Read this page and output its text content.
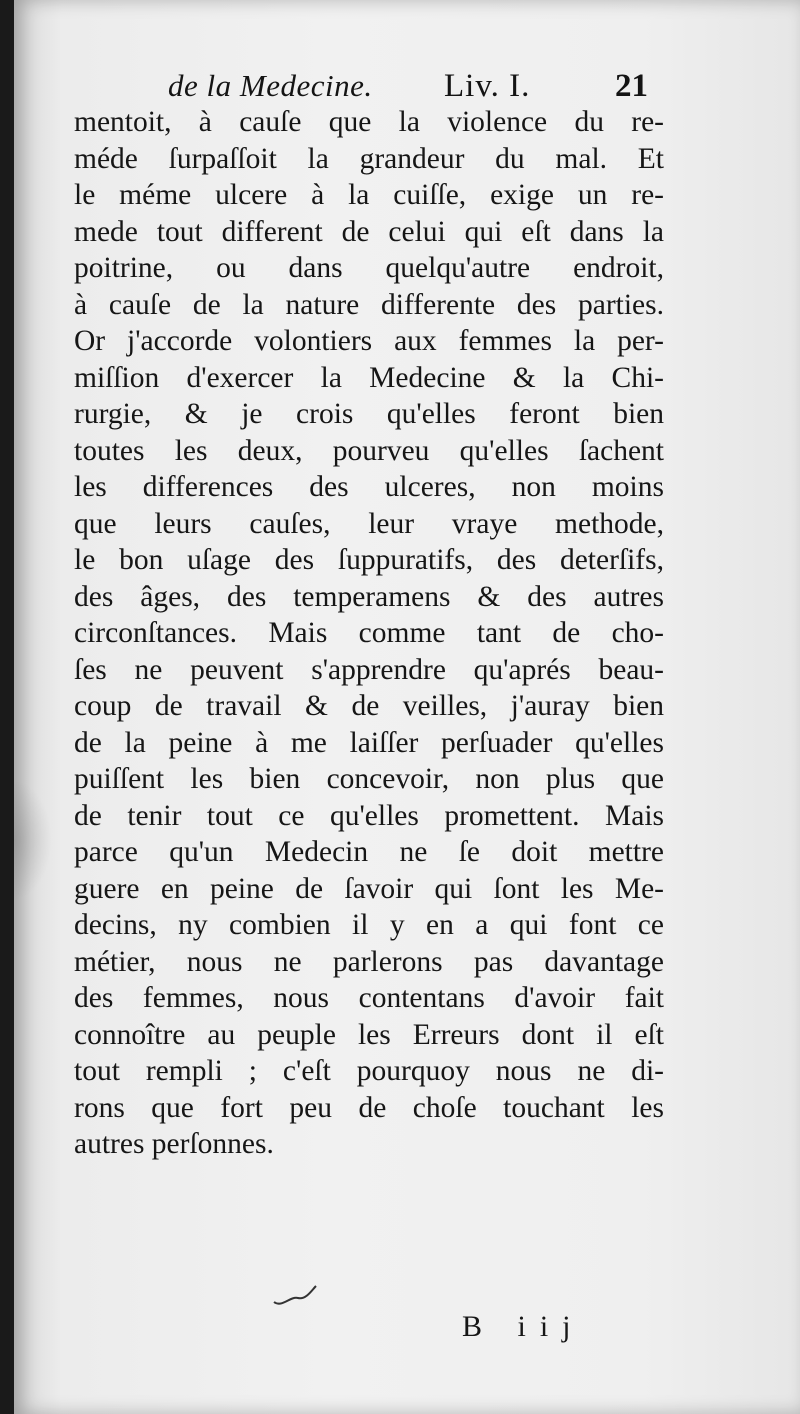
de la Medecine. Liv. I.	21
mentoit, à cauſe que la violence du re-
méde ſurpaſſoit la grandeur du mal. Et
le méme ulcere à la cuiſſe, exige un re-
mede tout different de celui qui eſt dans la
poitrine, ou dans quelqu'autre endroit,
à cauſe de la nature differente des parties.
Or j'accorde volontiers aux femmes la per-
miſſion d'exercer la Medecine & la Chi-
rurgie, & je crois qu'elles feront bien
toutes les deux, pourveu qu'elles ſachent
les differences des ulceres, non moins
que leurs cauſes, leur vraye methode,
le bon uſage des ſuppuratifs, des deterſifs,
des âges, des temperamens & des autres
circonſtances. Mais comme tant de cho-
ſes ne peuvent s'apprendre qu'aprés beau-
coup de travail & de veilles, j'auray bien
de la peine à me laiſſer perſuader qu'elles
puiſſent les bien concevoir, non plus que
de tenir tout ce qu'elles promettent. Mais
parce qu'un Medecin ne ſe doit mettre
guere en peine de ſavoir qui ſont les Me-
decins, ny combien il y en a qui font ce
métier, nous ne parlerons pas davantage
des femmes, nous contentans d'avoir fait
connoître au peuple les Erreurs dont il eſt
tout rempli ; c'eſt pourquoy nous ne di-
rons que fort peu de choſe touchant les
autres perſonnes.
B iij
